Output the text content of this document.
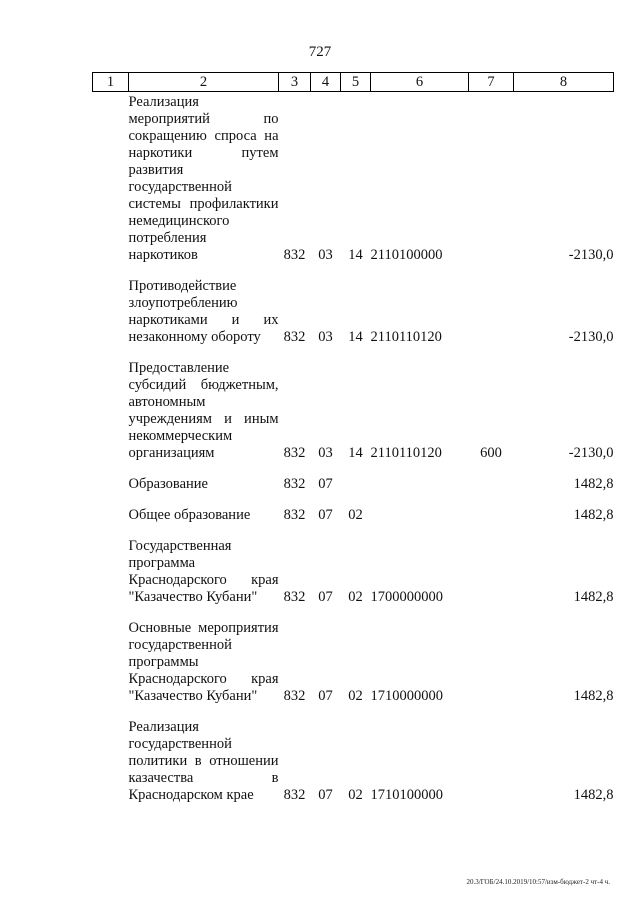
727
1	2	3	4	5	6	7	8
	Реализация мероприятий по сокращению спроса на наркотики путем развития государственной системы профилактики немедицинского потребления наркотиков	832	03	14	2110100000		-2130,0
	Противодействие злоупотреблению наркотиками и их незаконному обороту	832	03	14	2110110120		-2130,0
	Предоставление субсидий бюджетным, автономным учреждениям и иным некоммерческим организациям	832	03	14	2110110120	600	-2130,0
	Образование	832	07				1482,8
	Общее образование	832	07	02			1482,8
	Государственная программа Краснодарского края "Казачество Кубани"	832	07	02	1700000000		1482,8
	Основные мероприятия государственной программы Краснодарского края "Казачество Кубани"	832	07	02	1710000000		1482,8
	Реализация государственной политики в отношении казачества в Краснодарском крае	832	07	02	1710100000		1482,8
20.3/ГОБ/24.10.2019/10:57/изм-бюджет-2 чт-4 ч.
